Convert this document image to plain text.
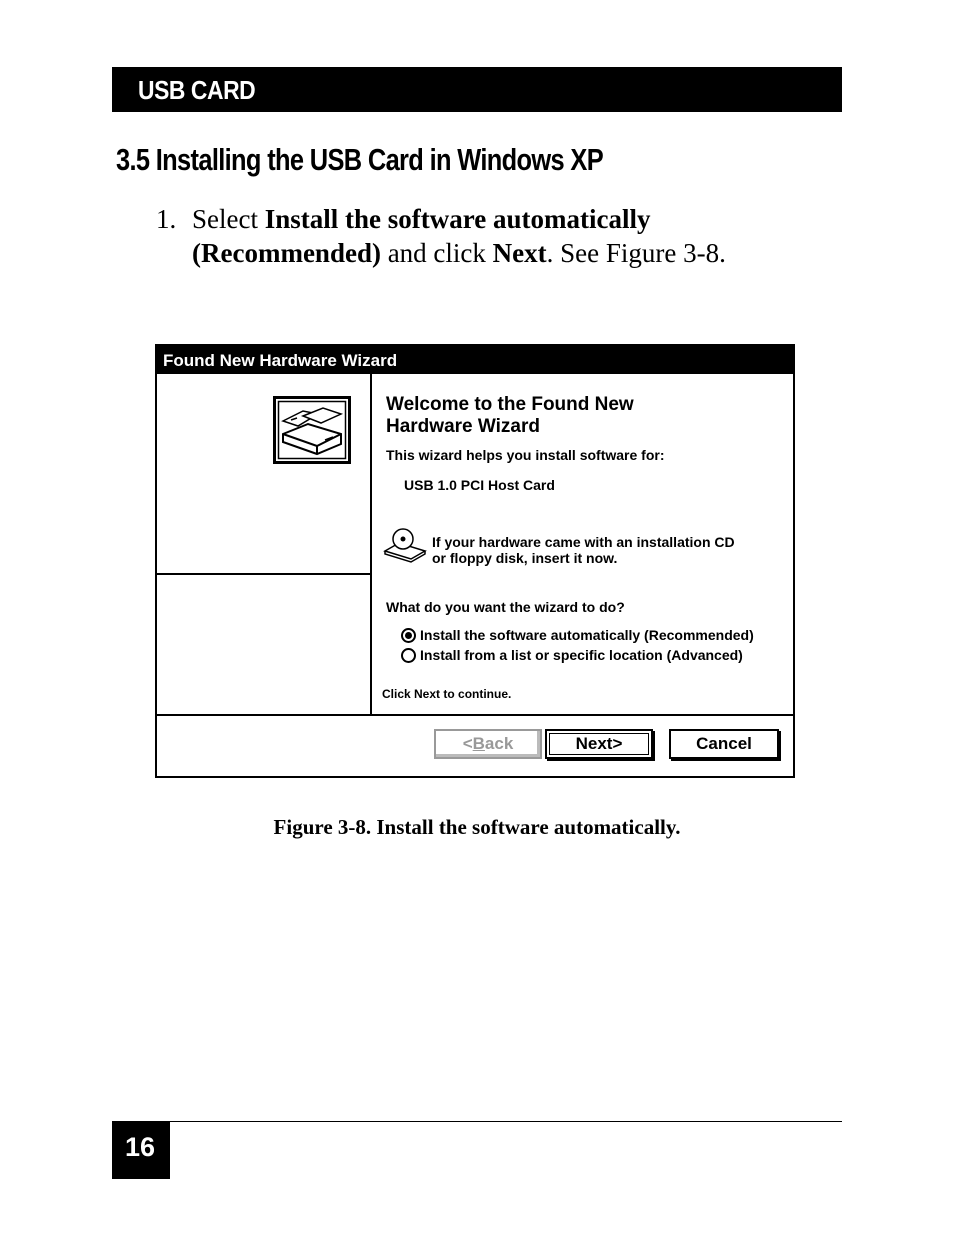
USB CARD
3.5 Installing the USB Card in Windows XP
1. Select Install the software automatically (Recommended) and click Next. See Figure 3-8.
Found New Hardware Wizard
Welcome to the Found New Hardware Wizard
This wizard helps you install software for:
USB 1.0 PCI Host Card
If your hardware came with an installation CD
or floppy disk, insert it now.
What do you want the wizard to do?
Install the software automatically (Recommended)
Install from a list or specific location (Advanced)
Click Next to continue.
<Back	Next>	Cancel
Figure 3-8. Install the software automatically.
16
